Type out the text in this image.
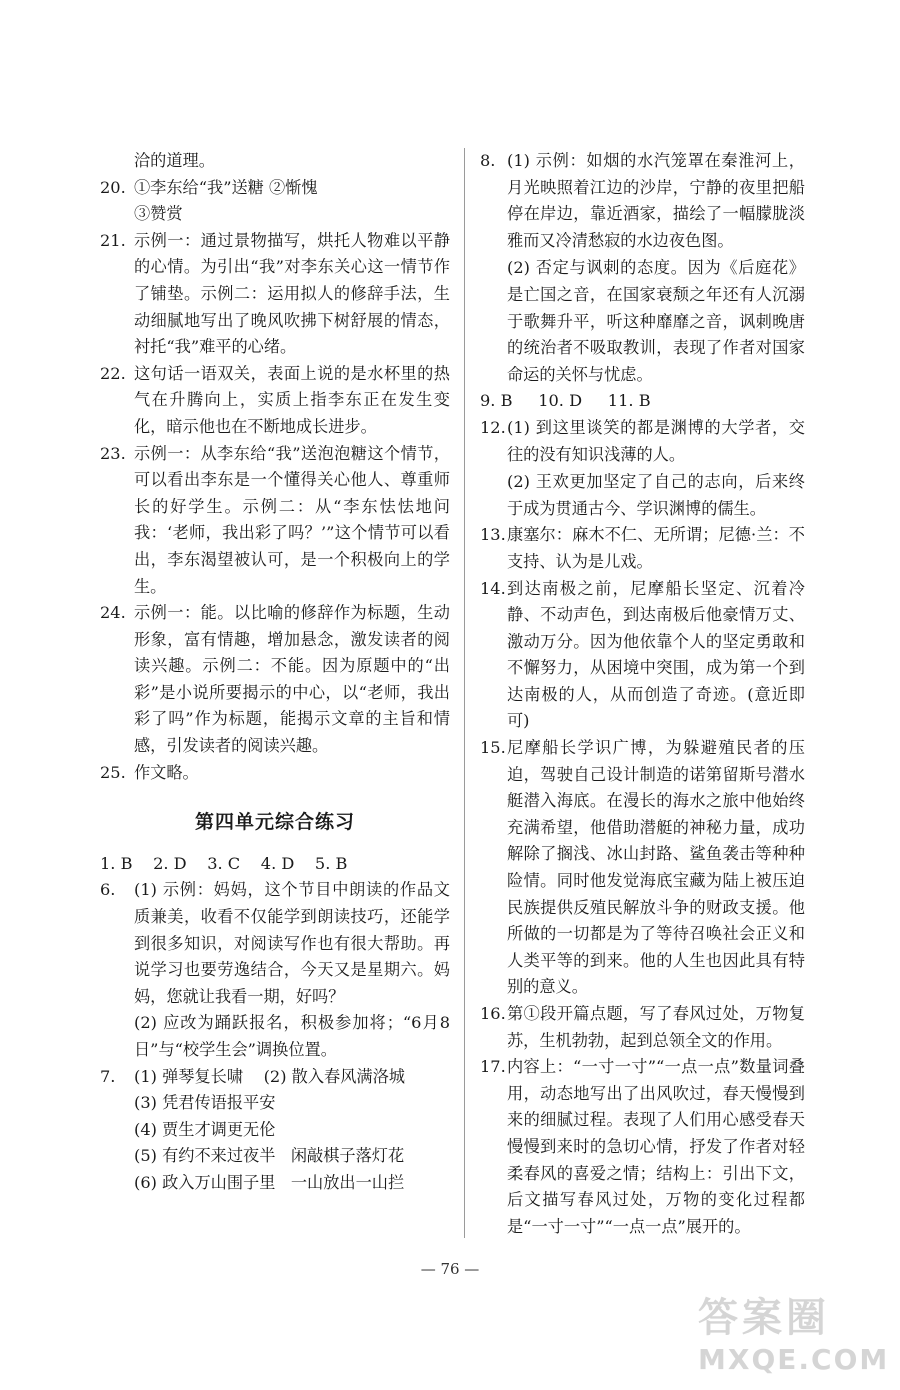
洽的道理。
20. ①李东给“我”送糖 ②惭愧
③赞赏
21. 示例一：通过景物描写，烘托人物难以平静的心情。为引出“我”对李东关心这一情节作了铺垫。示例二：运用拟人的修辞手法，生动细腻地写出了晚风吹拂下树舒展的情态，衬托“我”难平的心绪。
22. 这句话一语双关，表面上说的是水杯里的热气在升腾向上，实质上指李东正在发生变化，暗示他也在不断地成长进步。
23. 示例一：从李东给“我”送泡泡糖这个情节，可以看出李东是一个懂得关心他人、尊重师长的好学生。示例二：从“李东怯怯地问我：‘老师，我出彩了吗？’”这个情节可以看出，李东渴望被认可，是一个积极向上的学生。
24. 示例一：能。以比喻的修辞作为标题，生动形象，富有情趣，增加悬念，激发读者的阅读兴趣。示例二：不能。因为原题中的“出彩”是小说所要揭示的中心，以“老师，我出彩了吗”作为标题，能揭示文章的主旨和情感，引发读者的阅读兴趣。
25. 作文略。
第四单元综合练习
1. B    2. D    3. C    4. D    5. B
6.	(1) 示例：妈妈，这个节目中朗读的作品文质兼美，收看不仅能学到朗读技巧，还能学到很多知识，对阅读写作也有很大帮助。再说学习也要劳逸结合，今天又是星期六。妈妈，您就让我看一期，好吗？
(2) 应改为踊跃报名，积极参加将；“6月8日”与“校学生会”调换位置。
7.	(1) 弹琴复长啸    (2) 散入春风满洛城
(3) 凭君传语报平安
(4) 贾生才调更无伦
(5) 有约不来过夜半   闲敲棋子落灯花
(6) 政入万山围子里   一山放出一山拦
8. (1) 示例：如烟的水汽笼罩在秦淮河上，月光映照着江边的沙岸，宁静的夜里把船停在岸边，靠近酒家，描绘了一幅朦胧淡雅而又冷清愁寂的水边夜色图。
(2) 否定与讽刺的态度。因为《后庭花》是亡国之音，在国家衰颓之年还有人沉溺于歌舞升平，听这种靡靡之音，讽刺晚唐的统治者不吸取教训，表现了作者对国家命运的关怀与忧虑。
9. B     10. D     11. B
12. (1) 到这里谈笑的都是渊博的大学者，交往的没有知识浅薄的人。
(2) 王欢更加坚定了自己的志向，后来终于成为贯通古今、学识渊博的儒生。
13. 康塞尔：麻木不仁、无所谓；尼德·兰：不支持、认为是儿戏。
14. 到达南极之前，尼摩船长坚定、沉着冷静、不动声色，到达南极后他豪情万丈、激动万分。因为他依靠个人的坚定勇敢和不懈努力，从困境中突围，成为第一个到达南极的人，从而创造了奇迹。(意近即可)
15. 尼摩船长学识广博，为躲避殖民者的压迫，驾驶自己设计制造的诺第留斯号潜水艇潜入海底。在漫长的海水之旅中他始终充满希望，他借助潜艇的神秘力量，成功解除了搁浅、冰山封路、鲨鱼袭击等种种险情。同时他发觉海底宝藏为陆上被压迫民族提供反殖民解放斗争的财政支援。他所做的一切都是为了等待召唤社会正义和人类平等的到来。他的人生也因此具有特别的意义。
16. 第①段开篇点题，写了春风过处，万物复苏，生机勃勃，起到总领全文的作用。
17. 内容上：“一寸一寸”“一点一点”数量词叠用，动态地写出了出风吹过，春天慢慢到来的细腻过程。表现了人们用心感受春天慢慢到来时的急切心情，抒发了作者对轻柔春风的喜爱之情；结构上：引出下文，后文描写春风过处，万物的变化过程都是“一寸一寸”“一点一点”展开的。
— 76 —
答案圈
MXQE.COM
